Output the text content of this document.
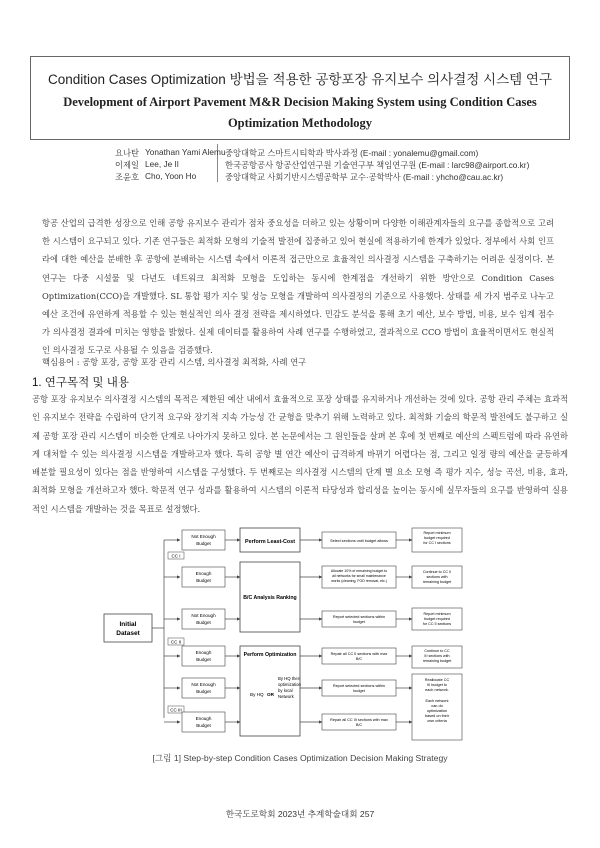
Condition Cases Optimization 방법을 적용한 공항포장 유지보수 의사결정 시스템 연구
Development of Airport Pavement M&R Decision Making System using Condition Cases Optimization Methodology
요나탄 Yonathan Yami Alemu 중앙대학교 스마트시티학과 박사과정 (E-mail : yonalemu@gmail.com)
이제일 Lee, Je Il	한국공항공사 항공산업연구원 기술연구부 책임연구원 (E-mail : larc98@airport.co.kr)
조윤호 Cho, Yoon Ho	중앙대학교 사회기반시스템공학부 교수·공학박사 (E-mail : yhcho@cau.ac.kr)
항공 산업의 급격한 성장으로 인해 공항 유지보수 관리가 점차 중요성을 더하고 있는 상황이며 다양한 이해관계자들의 요구를 종합적으로 고려한 시스템이 요구되고 있다. 기존 연구들은 최적화 모형의 기술적 발전에 집중하고 있어 현실에 적용하기에 한계가 있었다. 정부에서 사회 인프라에 대한 예산을 분배한 후 공항에 분배하는 시스템 속에서 이론적 접근만으로 효율적인 의사결정 시스템을 구축하기는 어려운 실정이다. 본 연구는 다중 시설물 및 다년도 네트워크 최적화 모형을 도입하는 동시에 한계점을 개선하기 위한 방안으로 Condition Cases Optimization(CCO)을 개발했다. SL 통합 평가 지수 및 성능 모형을 개발하여 의사결정의 기준으로 사용했다. 상태를 세 가지 범주로 나누고 예산 조건에 유연하게 적용할 수 있는 현실적인 의사 결정 전략을 제시하였다. 민감도 분석을 통해 초기 예산, 보수 방법, 비용, 보수 임계 점수가 의사결정 결과에 미치는 영향을 밝혔다. 실제 데이터를 활용하여 사례 연구를 수행하였고, 결과적으로 CCO 방법이 효율적이면서도 현실적인 의사결정 도구로 사용될 수 있음을 검증했다.
핵심용어 : 공항 포장, 공항 포장 관리 시스템, 의사결정 최적화, 사례 연구
1. 연구목적 및 내용
공항 포장 유지보수 의사결정 시스템의 목적은 제한된 예산 내에서 효율적으로 포장 상태를 유지하거나 개선하는 것에 있다. 공항 관리 주체는 효과적인 유지보수 전략을 수립하여 단기적 요구와 장기적 지속 가능성 간 균형을 맞추기 위해 노력하고 있다. 최적화 기술의 학문적 발전에도 불구하고 실제 공항 포장 관리 시스템이 비슷한 단계로 나아가지 못하고 있다. 본 논문에서는 그 원인들을 살펴 본 후에 첫 번째로 예산의 스펙트럼에 따라 유연하게 대처할 수 있는 의사결정 시스템을 개발하고자 했다. 특히 공항 별 연간 예산이 급격하게 바뀌기 어렵다는 점, 그리고 일정 량의 예산을 균등하게 배분할 필요성이 있다는 점을 반영하여 시스템을 구성했다. 두 번째로는 의사결정 시스템의 단계 별 요소 모형 즉 평가 지수, 성능 곡선, 비용, 효과, 최적화 모형을 개선하고자 했다. 학문적 연구 성과를 활용하여 시스템의 이론적 타당성과 합리성을 높이는 동시에 실무자들의 요구를 반영하여 실용적인 시스템을 개발하는 것을 목표로 설정했다.
Initial
Dataset
CC I
CC II
CC III
Not Enough
Budget
Enough
Budget
Not Enough
Budget
Enough
Budget
Not Enough
Budget
Enough
Budget
Perform Least-Cost
B/C Analysis Ranking
Perform Optimization
By HQ OR
By HQ then
optimization
by local
Network
Select sections until budget allows
Allocate 10% of remaining budget to
all networks for small maintenance
works (cleaning, FOD removal, etc.)
Report selected sections within
budget
Repair all CC II sections with max
B/C
Report selected sections within
budget
Repair all CC III sections with max
B/C
Report minimum
budget required
for CC I sections
Continue to CC II
sections with
remaining budget
Report minimum
budget required
for CC II sections
Continue to CC
III sections with
remaining budget
Reallocate CC
III budget to
each network.
Each network
can do
optimization
based on their
own criteria
[그림 1] Step-by-step Condition Cases Optimization Decision Making Strategy
한국도로학회 2023년 추계학술대회 257
